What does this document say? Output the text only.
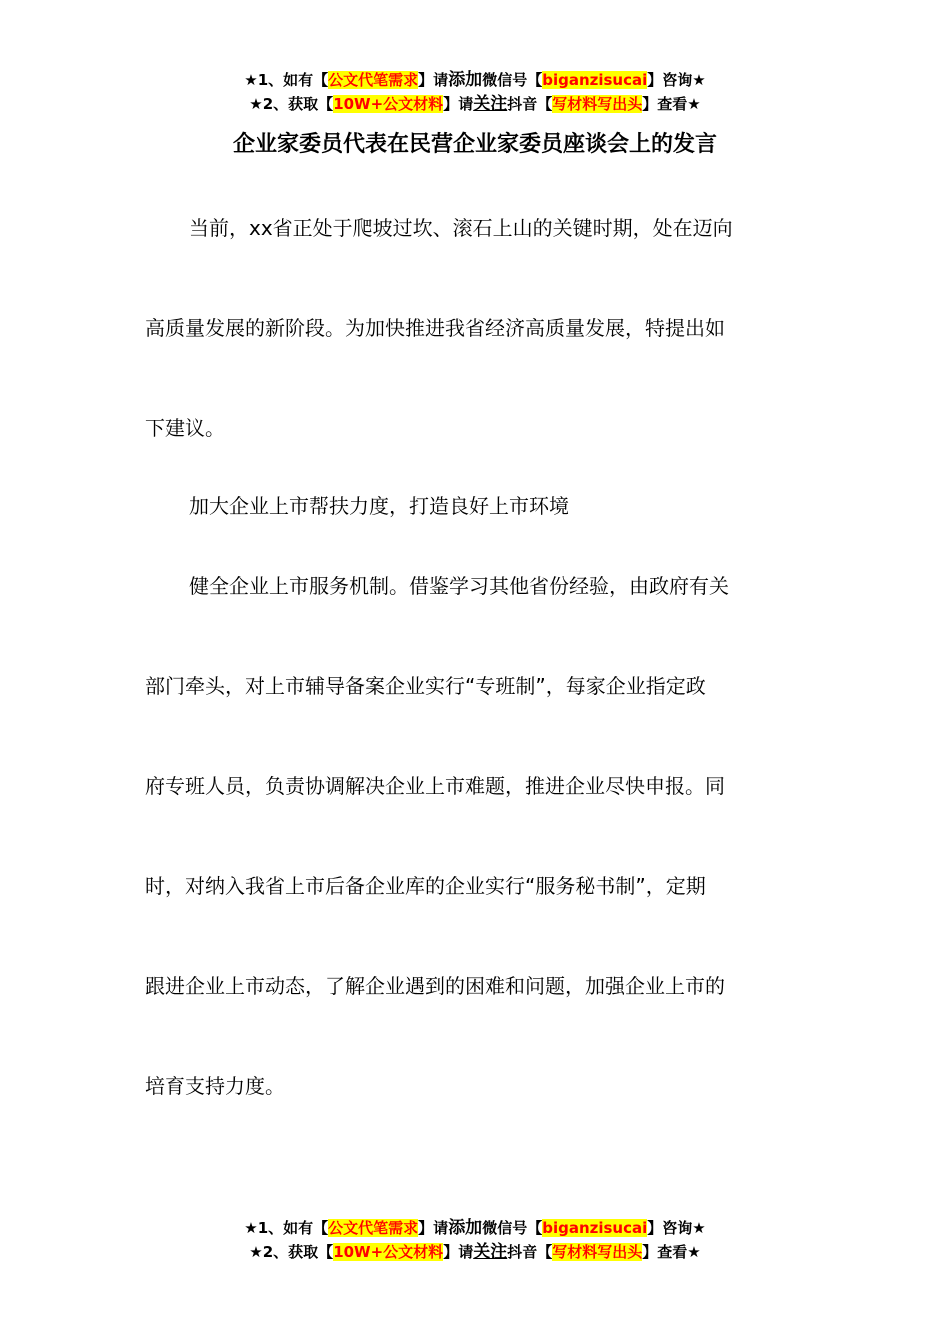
★1、如有【公文代笔需求】请添加微信号【biganzisucai】咨询★
★2、获取【10W+公文材料】请关注抖音【写材料写出头】查看★
企业家委员代表在民营企业家委员座谈会上的发言
当前，xx省正处于爬坡过坎、滚石上山的关键时期，处在迈向
高质量发展的新阶段。为加快推进我省经济高质量发展，特提出如
下建议。
加大企业上市帮扶力度，打造良好上市环境
健全企业上市服务机制。借鉴学习其他省份经验，由政府有关
部门牵头，对上市辅导备案企业实行“专班制”，每家企业指定政
府专班人员，负责协调解决企业上市难题，推进企业尽快申报。同
时，对纳入我省上市后备企业库的企业实行“服务秘书制”，定期
跟进企业上市动态，了解企业遇到的困难和问题，加强企业上市的
培育支持力度。
★1、如有【公文代笔需求】请添加微信号【biganzisucai】咨询★
★2、获取【10W+公文材料】请关注抖音【写材料写出头】查看★
